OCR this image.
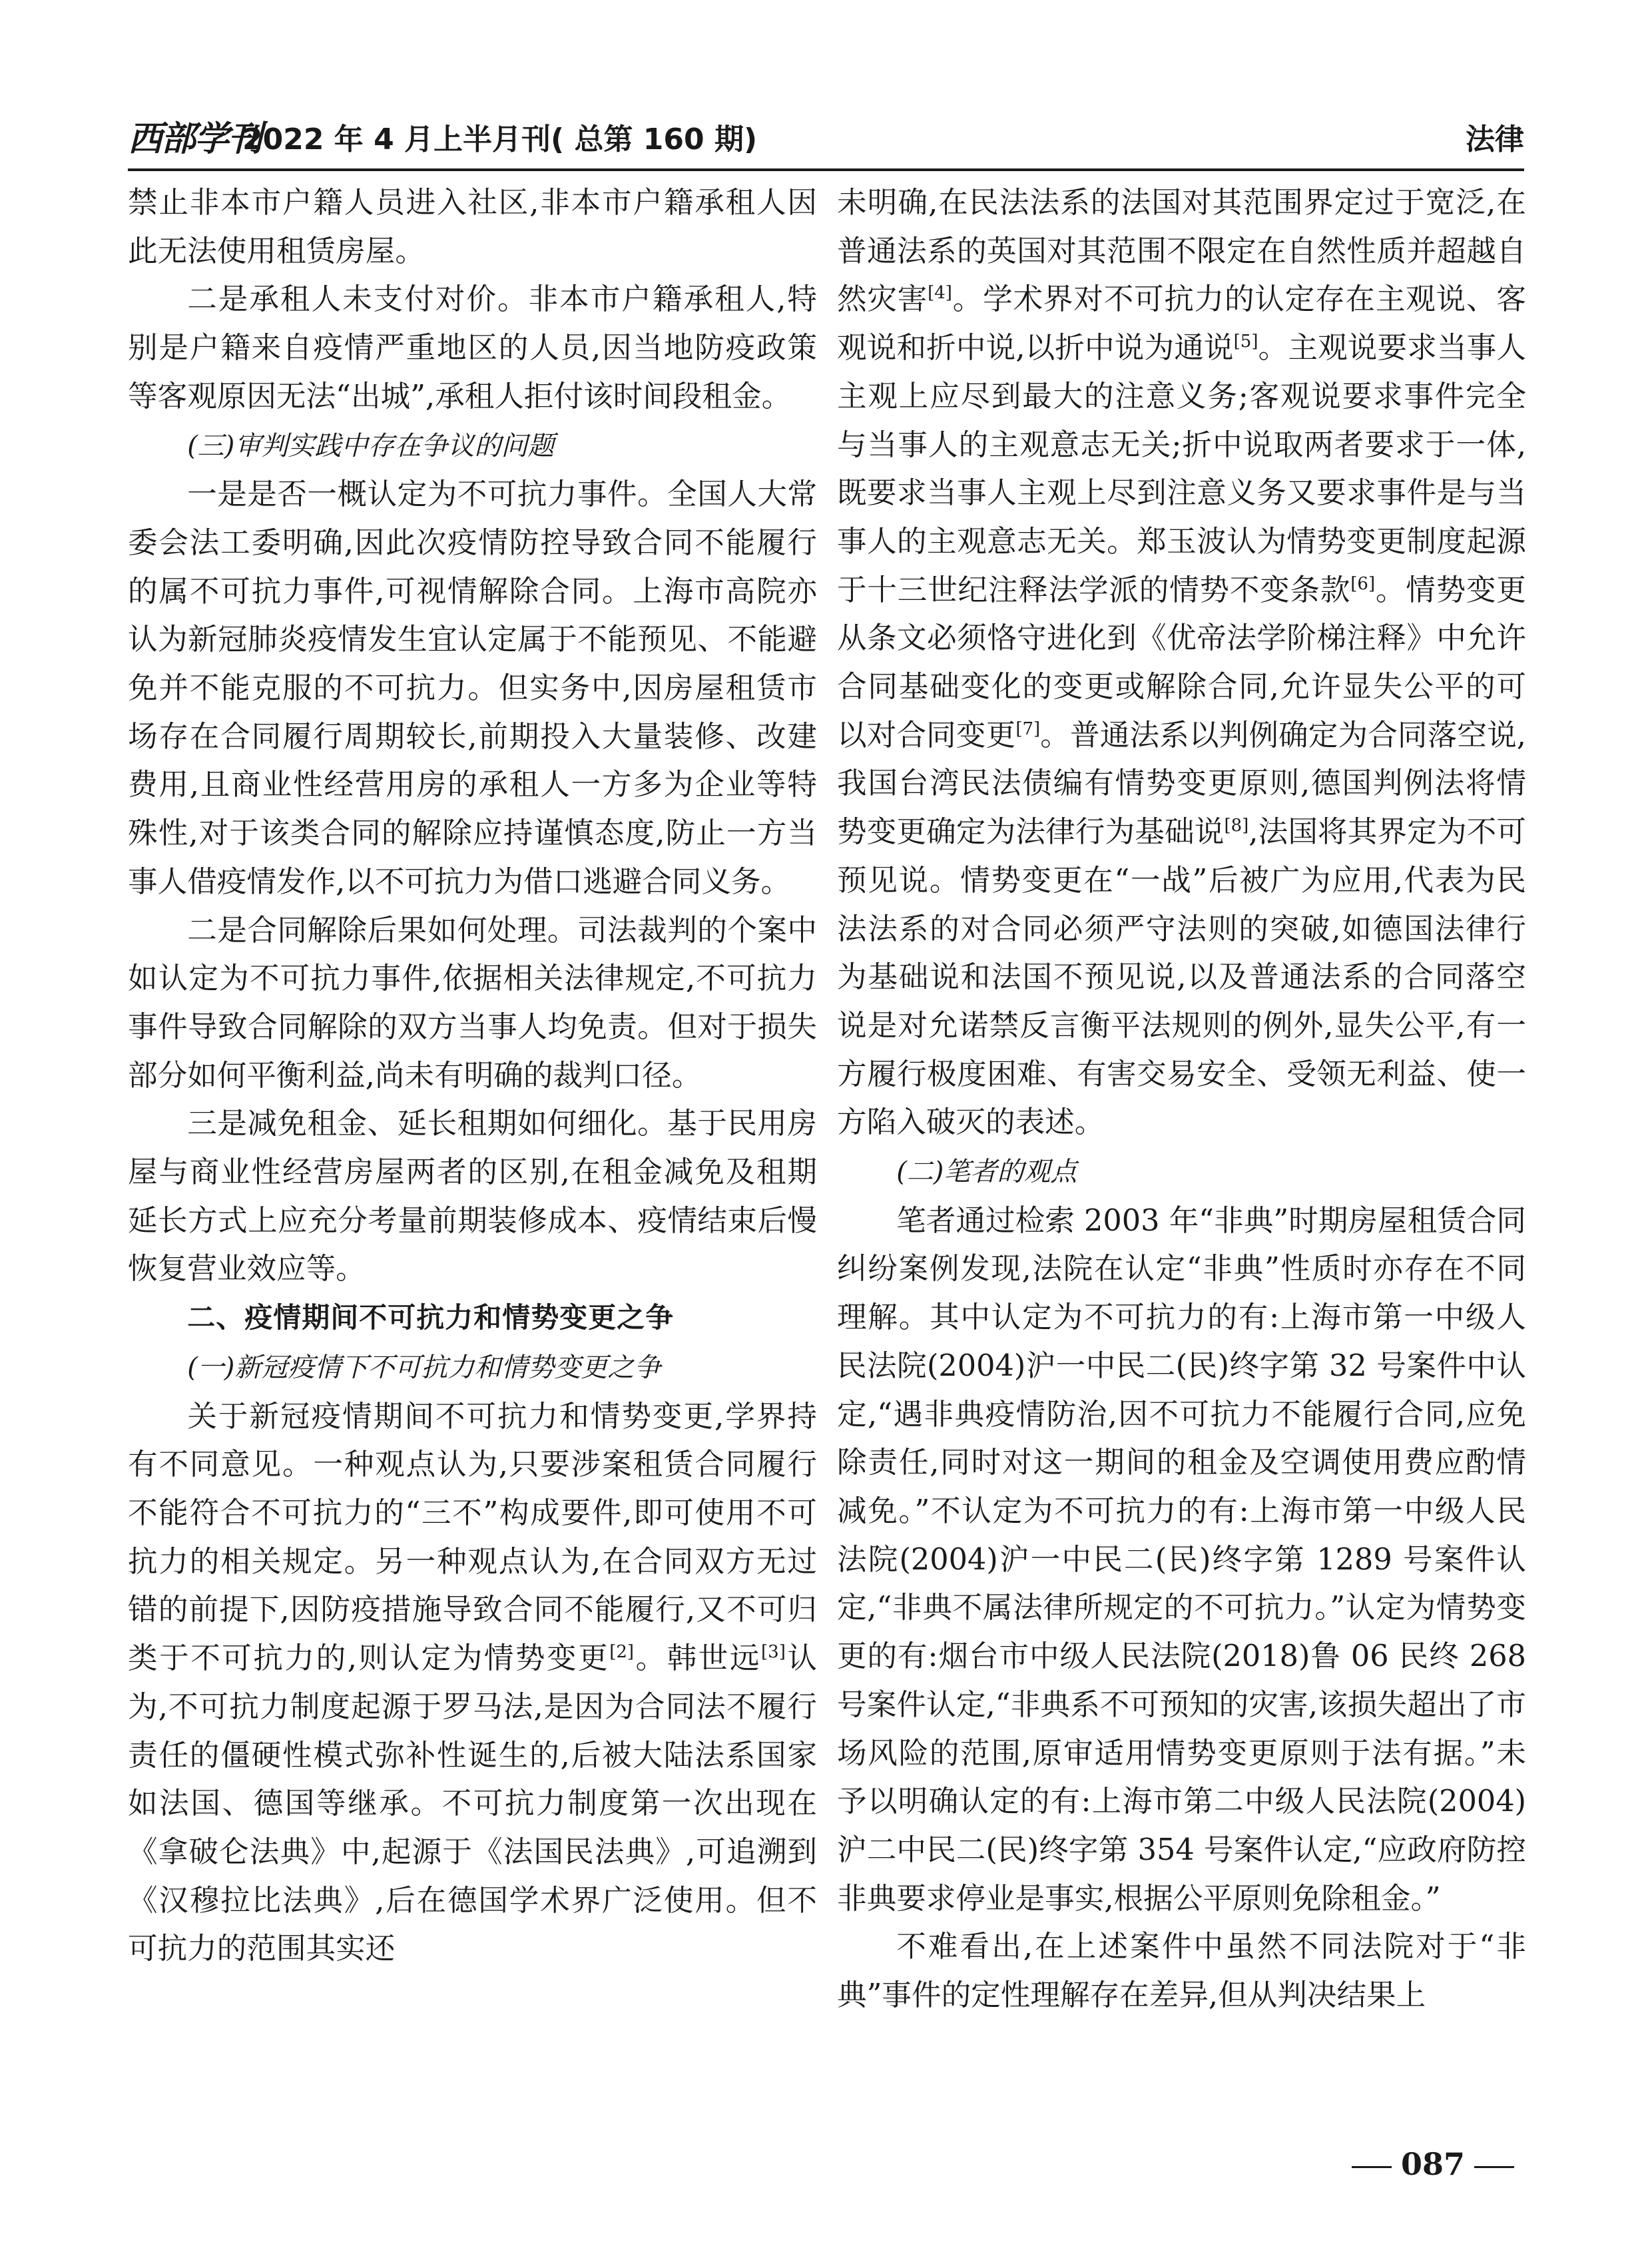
西部学刊
2022 年 4 月上半月刊( 总第 160 期)	法律

禁止非本市户籍人员进入社区,非本市户籍承租人因此无法使用租赁房屋。

二是承租人未支付对价。非本市户籍承租人,特别是户籍来自疫情严重地区的人员,因当地防疫政策等客观原因无法“出城”,承租人拒付该时间段租金。

(三)审判实践中存在争议的问题

一是是否一概认定为不可抗力事件。全国人大常委会法工委明确,因此次疫情防控导致合同不能履行的属不可抗力事件,可视情解除合同。上海市高院亦认为新冠肺炎疫情发生宜认定属于不能预见、不能避免并不能克服的不可抗力。但实务中,因房屋租赁市场存在合同履行周期较长,前期投入大量装修、改建费用,且商业性经营用房的承租人一方多为企业等特殊性,对于该类合同的解除应持谨慎态度,防止一方当事人借疫情发作,以不可抗力为借口逃避合同义务。

二是合同解除后果如何处理。司法裁判的个案中如认定为不可抗力事件,依据相关法律规定,不可抗力事件导致合同解除的双方当事人均免责。但对于损失部分如何平衡利益,尚未有明确的裁判口径。

三是减免租金、延长租期如何细化。基于民用房屋与商业性经营房屋两者的区别,在租金减免及租期延长方式上应充分考量前期装修成本、疫情结束后慢恢复营业效应等。

二、疫情期间不可抗力和情势变更之争

(一)新冠疫情下不可抗力和情势变更之争

关于新冠疫情期间不可抗力和情势变更,学界持有不同意见。一种观点认为,只要涉案租赁合同履行不能符合不可抗力的“三不”构成要件,即可使用不可抗力的相关规定。另一种观点认为,在合同双方无过错的前提下,因防疫措施导致合同不能履行,又不可归类于不可抗力的,则认定为情势变更[2]。韩世远[3]认为,不可抗力制度起源于罗马法,是因为合同法不履行责任的僵硬性模式弥补性诞生的,后被大陆法系国家如法国、德国等继承。不可抗力制度第一次出现在《拿破仑法典》中,起源于《法国民法典》,可追溯到《汉穆拉比法典》,后在德国学术界广泛使用。但不可抗力的范围其实还

未明确,在民法法系的法国对其范围界定过于宽泛,在普通法系的英国对其范围不限定在自然性质并超越自然灾害[4]。学术界对不可抗力的认定存在主观说、客观说和折中说,以折中说为通说[5]。主观说要求当事人主观上应尽到最大的注意义务;客观说要求事件完全与当事人的主观意志无关;折中说取两者要求于一体,既要求当事人主观上尽到注意义务又要求事件是与当事人的主观意志无关。郑玉波认为情势变更制度起源于十三世纪注释法学派的情势不变条款[6]。情势变更从条文必须恪守进化到《优帝法学阶梯注释》中允许合同基础变化的变更或解除合同,允许显失公平的可以对合同变更[7]。普通法系以判例确定为合同落空说,我国台湾民法债编有情势变更原则,德国判例法将情势变更确定为法律行为基础说[8],法国将其界定为不可预见说。情势变更在“一战”后被广为应用,代表为民法法系的对合同必须严守法则的突破,如德国法律行为基础说和法国不预见说,以及普通法系的合同落空说是对允诺禁反言衡平法规则的例外,显失公平,有一方履行极度困难、有害交易安全、受领无利益、使一方陷入破灭的表述。

(二)笔者的观点

笔者通过检索 2003 年“非典”时期房屋租赁合同纠纷案例发现,法院在认定“非典”性质时亦存在不同理解。其中认定为不可抗力的有:上海市第一中级人民法院(2004)沪一中民二(民)终字第 32 号案件中认定,“遇非典疫情防治,因不可抗力不能履行合同,应免除责任,同时对这一期间的租金及空调使用费应酌情减免。”不认定为不可抗力的有:上海市第一中级人民法院(2004)沪一中民二(民)终字第 1289 号案件认定,“非典不属法律所规定的不可抗力。”认定为情势变更的有:烟台市中级人民法院(2018)鲁 06 民终 268 号案件认定,“非典系不可预知的灾害,该损失超出了市场风险的范围,原审适用情势变更原则于法有据。”未予以明确认定的有:上海市第二中级人民法院(2004)沪二中民二(民)终字第 354 号案件认定,“应政府防控非典要求停业是事实,根据公平原则免除租金。”

不难看出,在上述案件中虽然不同法院对于“非典”事件的定性理解存在差异,但从判决结果上

087
